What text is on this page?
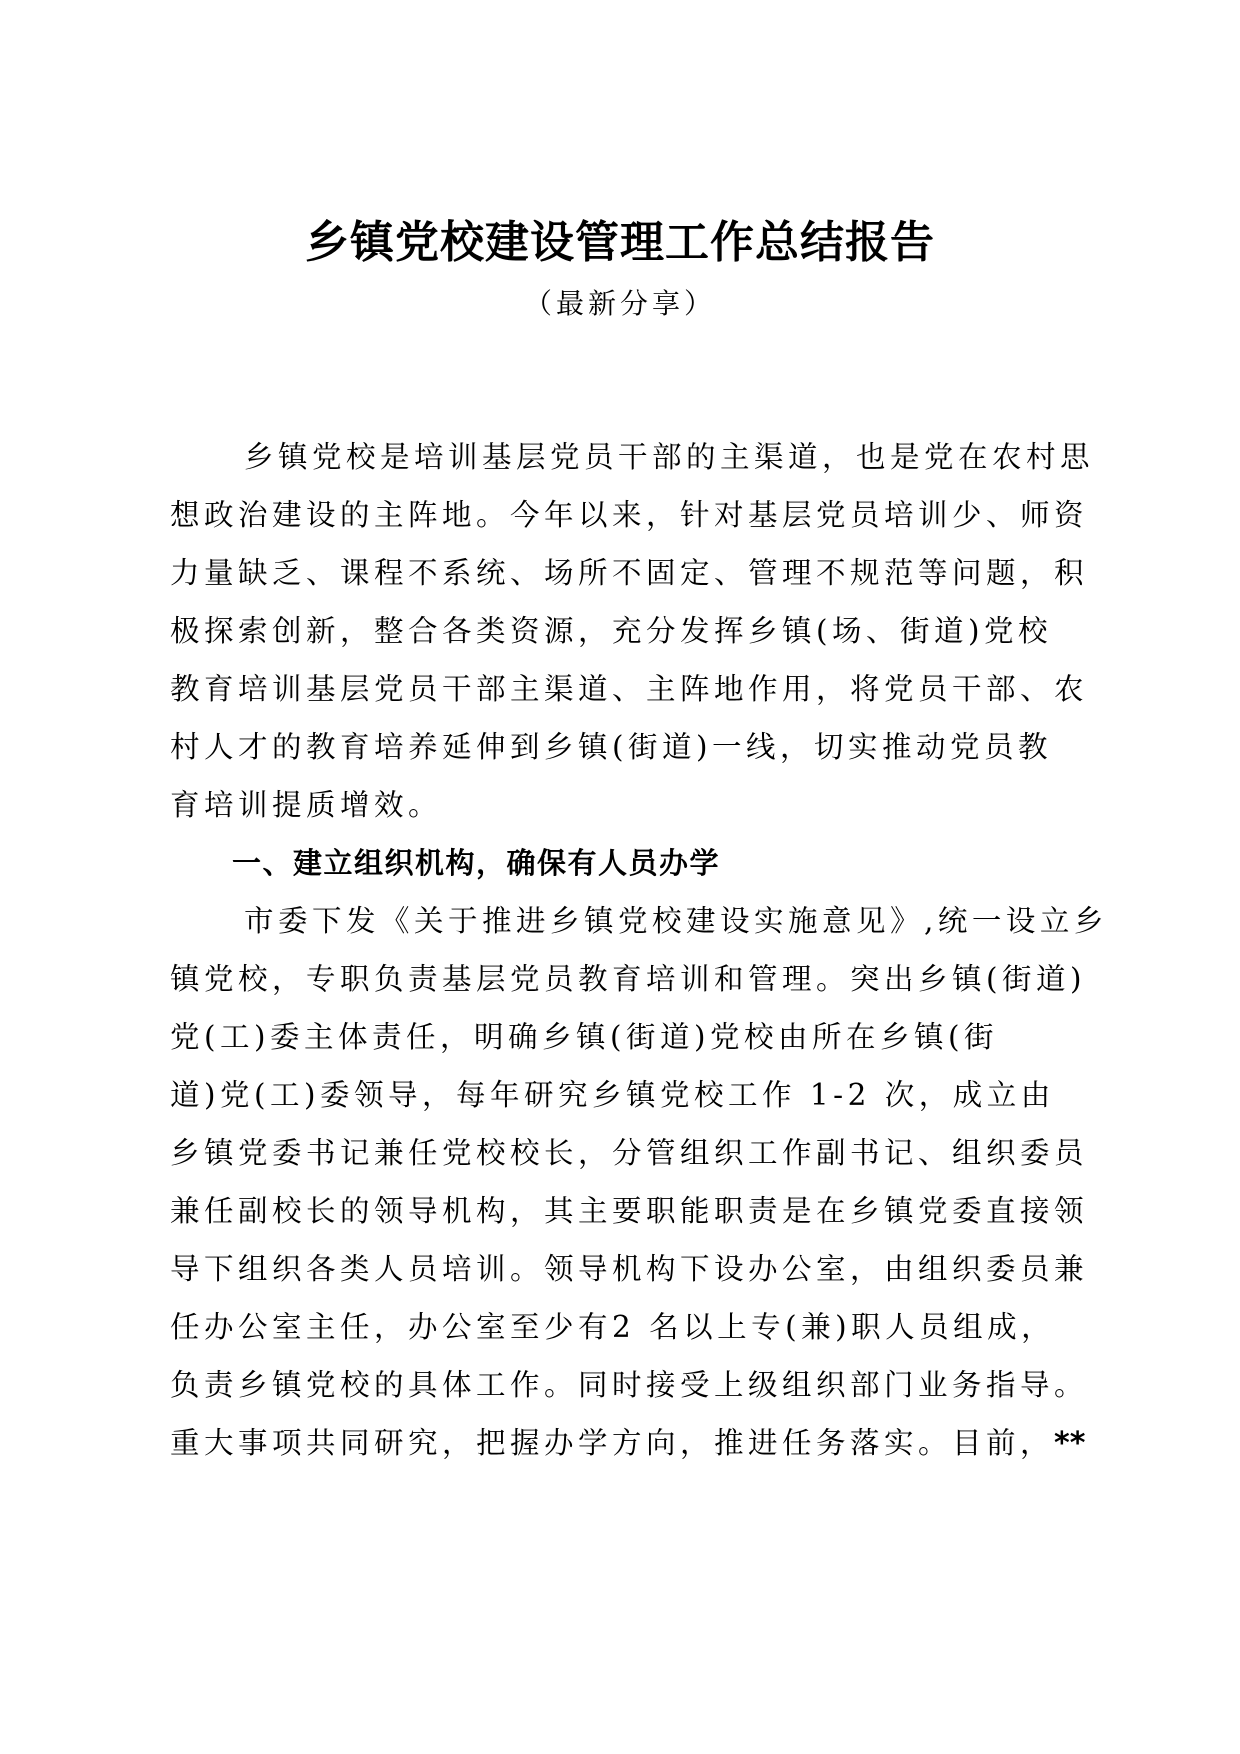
乡镇党校建设管理工作总结报告

（最新分享）

乡镇党校是培训基层党员干部的主渠道，也是党在农村思
想政治建设的主阵地。今年以来，针对基层党员培训少、师资
力量缺乏、课程不系统、场所不固定、管理不规范等问题，积
极探索创新，整合各类资源，充分发挥乡镇(场、街道)党校
教育培训基层党员干部主渠道、主阵地作用，将党员干部、农
村人才的教育培养延伸到乡镇(街道)一线，切实推动党员教
育培训提质增效。
一、建立组织机构，确保有人员办学
市委下发《关于推进乡镇党校建设实施意见》,统一设立乡
镇党校，专职负责基层党员教育培训和管理。突出乡镇(街道)
党(工)委主体责任，明确乡镇(街道)党校由所在乡镇(街
道)党(工)委领导，每年研究乡镇党校工作 1-2 次，成立由
乡镇党委书记兼任党校校长，分管组织工作副书记、组织委员
兼任副校长的领导机构，其主要职能职责是在乡镇党委直接领
导下组织各类人员培训。领导机构下设办公室，由组织委员兼
任办公室主任，办公室至少有2 名以上专(兼)职人员组成，
负责乡镇党校的具体工作。同时接受上级组织部门业务指导。
重大事项共同研究，把握办学方向，推进任务落实。目前， **
